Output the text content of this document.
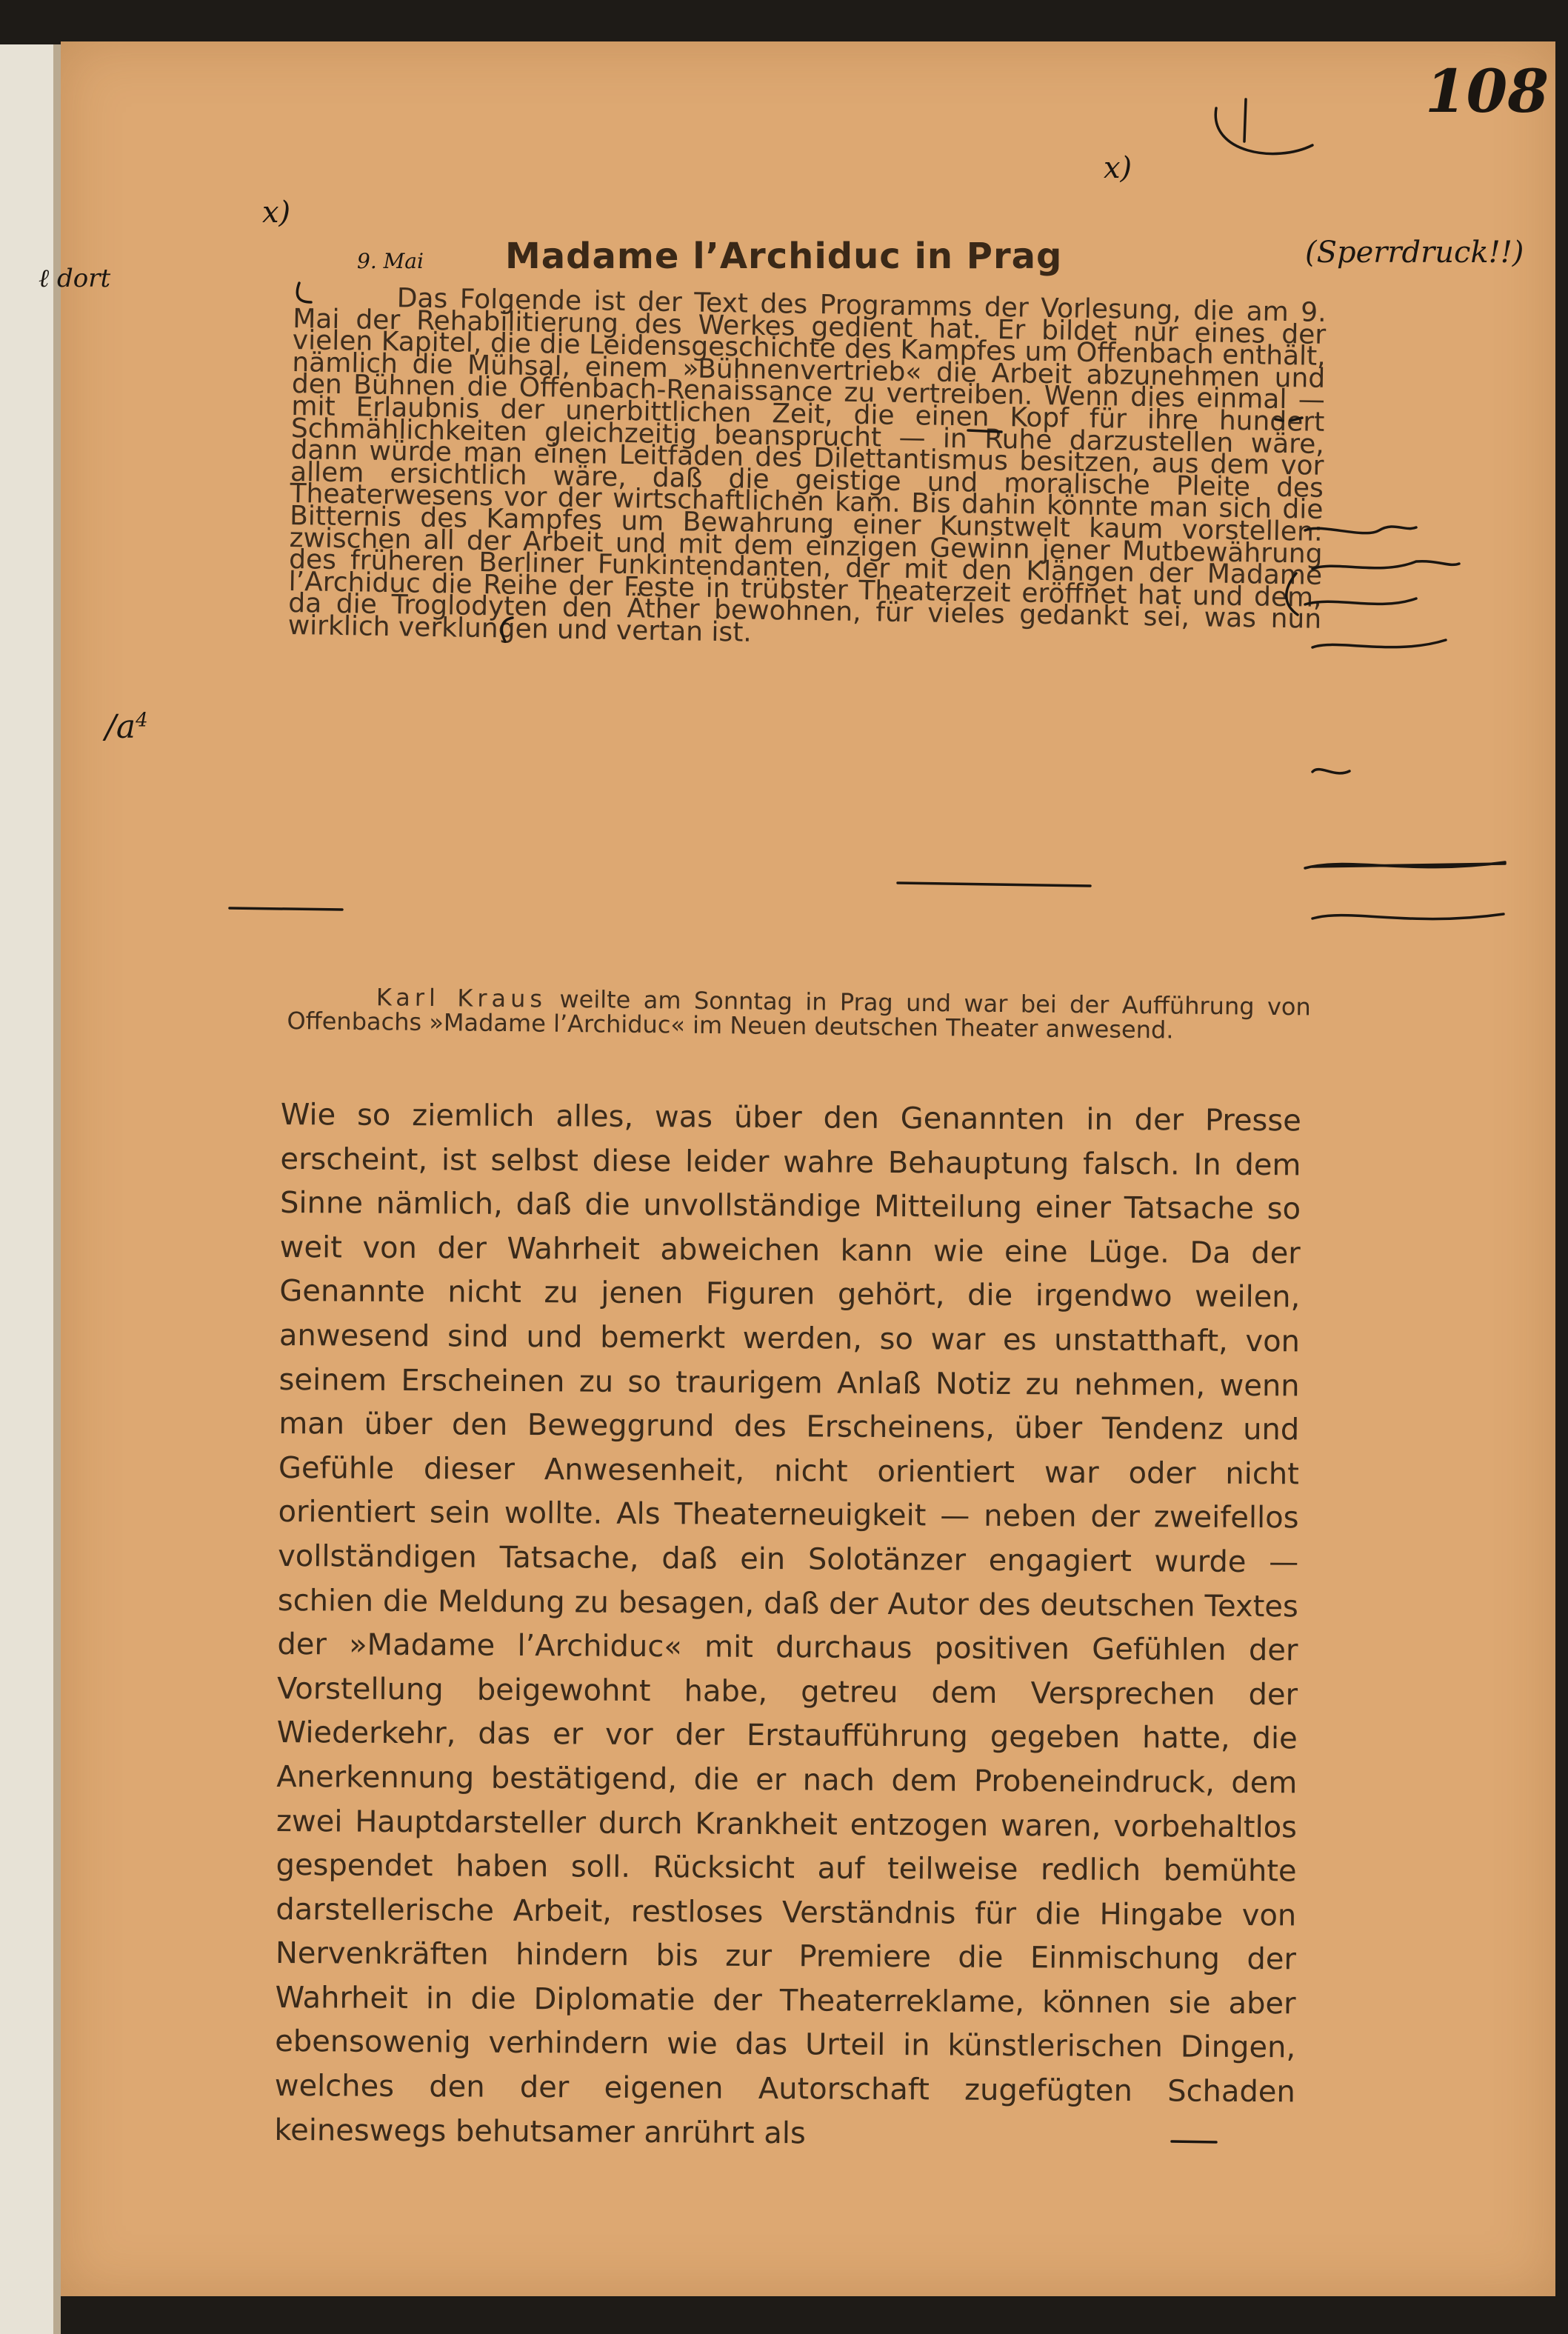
108
x)
x)
Madame l’Archiduc in Prag

Das Folgende ist der Text des Programms der Vorlesung, die am 9. Mai der Rehabilitierung des Werkes gedient hat. Er bildet nur eines der vielen Kapitel, die die Leidensgeschichte des Kampfes um Offenbach enthält, nämlich die Mühsal, einem »Bühnenvertrieb« die Arbeit abzunehmen und den Bühnen die Offenbach-Renaissance zu vertreiben. Wenn dies einmal — mit Erlaubnis der unerbittlichen Zeit, die einen Kopf für ihre hundert Schmählichkeiten gleichzeitig beansprucht — in Ruhe darzustellen wäre, dann würde man einen Leitfaden des Dilettantismus besitzen, aus dem vor allem ersichtlich wäre, daß die geistige und moralische Pleite des Theaterwesens vor der wirtschaftlichen kam. Bis dahin könnte man sich die Bitternis des Kampfes um Bewahrung einer Kunstwelt kaum vorstellen: zwischen all der Arbeit und mit dem einzigen Gewinn jener Mutbewährung des früheren Berliner Funkintendanten, der mit den Klängen der Madame l’Archiduc die Reihe der Feste in trübster Theaterzeit eröffnet hat und dem, da die Troglodyten den Äther bewohnen, für vieles gedankt sei, was nun wirklich verklungen und vertan ist.

9. Mai

Karl Kraus weilte am Sonntag in Prag und war bei der Aufführung von Offenbachs »Madame l’Archiduc« im Neuen deutschen Theater anwesend.

Wie so ziemlich alles, was über den Genannten in der Presse erscheint, ist selbst diese leider wahre Behauptung falsch. In dem Sinne nämlich, daß die unvollständige Mitteilung einer Tatsache so weit von der Wahrheit abweichen kann wie eine Lüge. Da der Genannte nicht zu jenen Figuren gehört, die irgendwo weilen, anwesend sind und bemerkt werden, so war es unstatthaft, von seinem Erscheinen zu so traurigem Anlaß Notiz zu nehmen, wenn man über den Beweggrund des Erscheinens, über Tendenz und Gefühle dieser Anwesenheit, nicht orientiert war oder nicht orientiert sein wollte. Als Theaterneuigkeit — neben der zweifellos vollständigen Tatsache, daß ein Solotänzer engagiert wurde — schien die Meldung zu besagen, daß der Autor des deutschen Textes der »Madame l’Archiduc« mit durchaus positiven Gefühlen der Vorstellung beigewohnt habe, getreu dem Versprechen der Wiederkehr, das er vor der Erstaufführung gegeben hatte, die Anerkennung bestätigend, die er nach dem Probeneindruck, dem zwei Hauptdarsteller durch Krankheit entzogen waren, vorbehaltlos gespendet haben soll. Rücksicht auf teilweise redlich bemühte darstellerische Arbeit, restloses Verständnis für die Hingabe von Nervenkräften hindern bis zur Premiere die Einmischung der Wahrheit in die Diplomatie der Theaterreklame, können sie aber ebensowenig verhindern wie das Urteil in künstlerischen Dingen, welches den der eigenen Autorschaft zugefügten Schaden keineswegs behutsamer anrührt als

ℓ dort
(Sperrdruck!!)
$/a^4$
